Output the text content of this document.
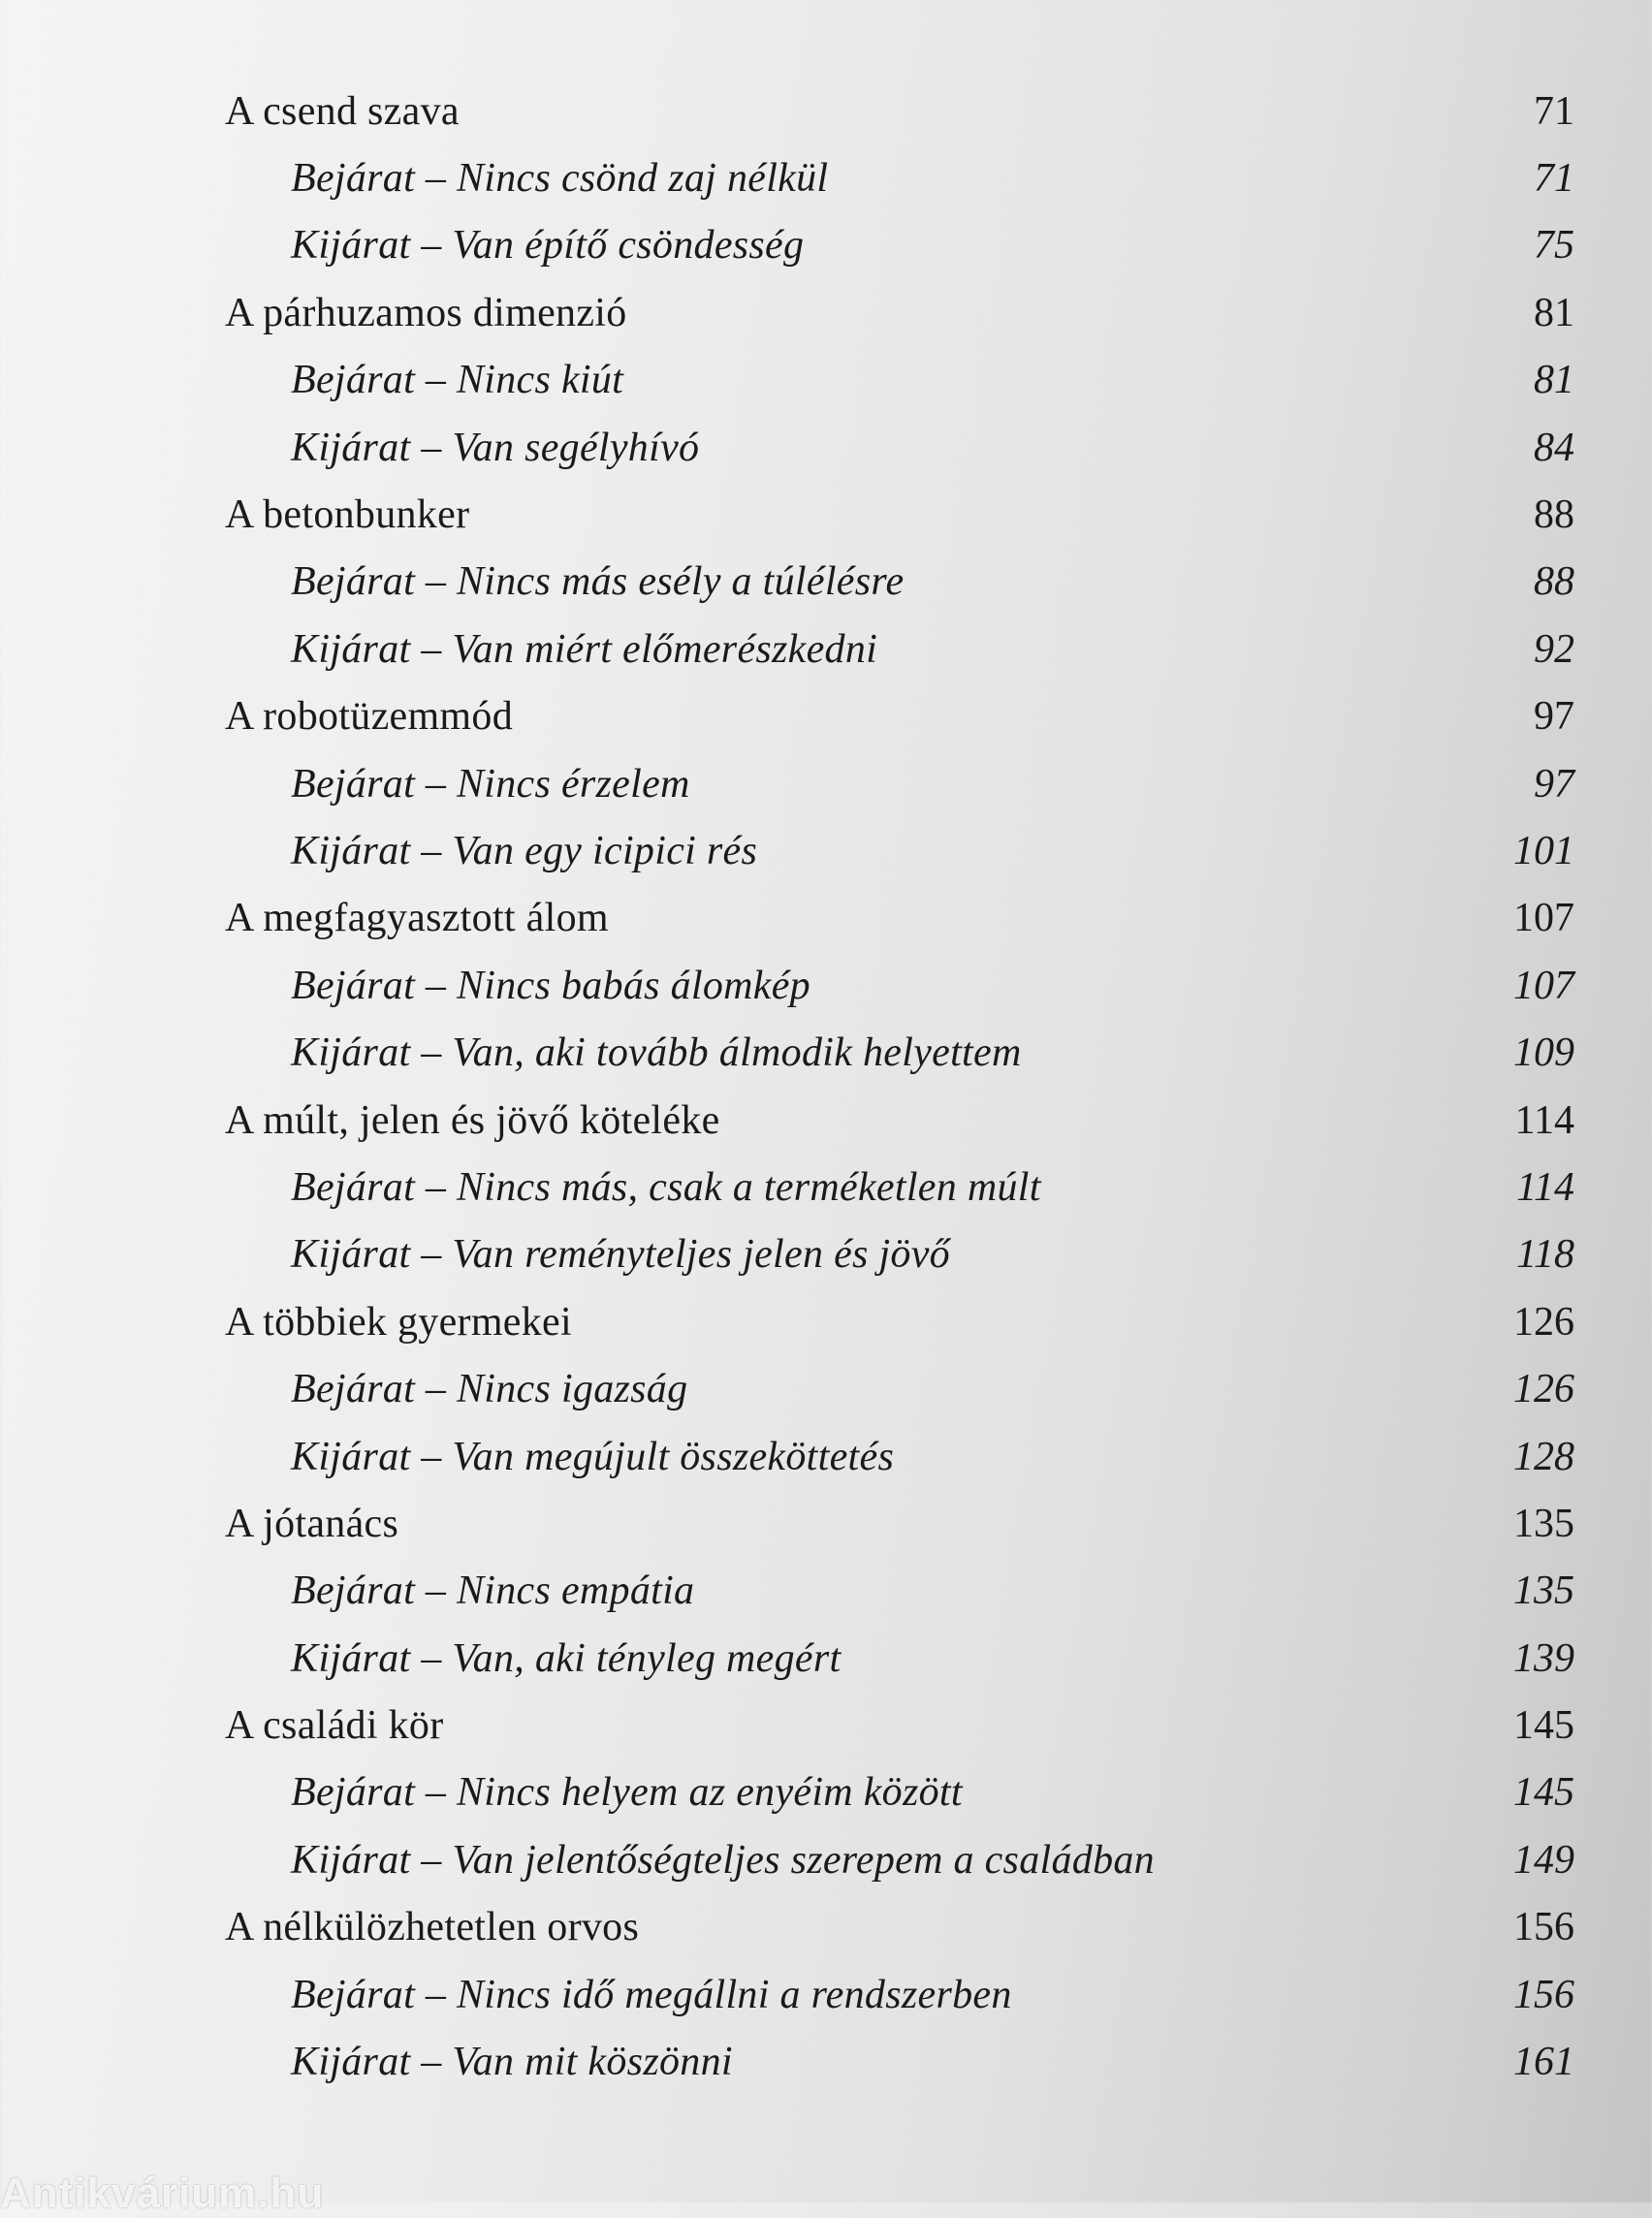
A csend szava	71
Bejárat – Nincs csönd zaj nélkül	71
Kijárat – Van építő csöndesség	75
A párhuzamos dimenzió	81
Bejárat – Nincs kiút	81
Kijárat – Van segélyhívó	84
A betonbunker	88
Bejárat – Nincs más esély a túlélésre	88
Kijárat – Van miért előmerészkedni	92
A robotüzemmód	97
Bejárat – Nincs érzelem	97
Kijárat – Van egy icipici rés	101
A megfagyasztott álom	107
Bejárat – Nincs babás álomkép	107
Kijárat – Van, aki tovább álmodik helyettem	109
A múlt, jelen és jövő köteléke	114
Bejárat – Nincs más, csak a terméketlen múlt	114
Kijárat – Van reményteljes jelen és jövő	118
A többiek gyermekei	126
Bejárat – Nincs igazság	126
Kijárat – Van megújult összeköttetés	128
A jótanács	135
Bejárat – Nincs empátia	135
Kijárat – Van, aki tényleg megért	139
A családi kör	145
Bejárat – Nincs helyem az enyéim között	145
Kijárat – Van jelentőségteljes szerepem a családban	149
A nélkülözhetetlen orvos	156
Bejárat – Nincs idő megállni a rendszerben	156
Kijárat – Van mit köszönni	161
Antikvárium.hu
